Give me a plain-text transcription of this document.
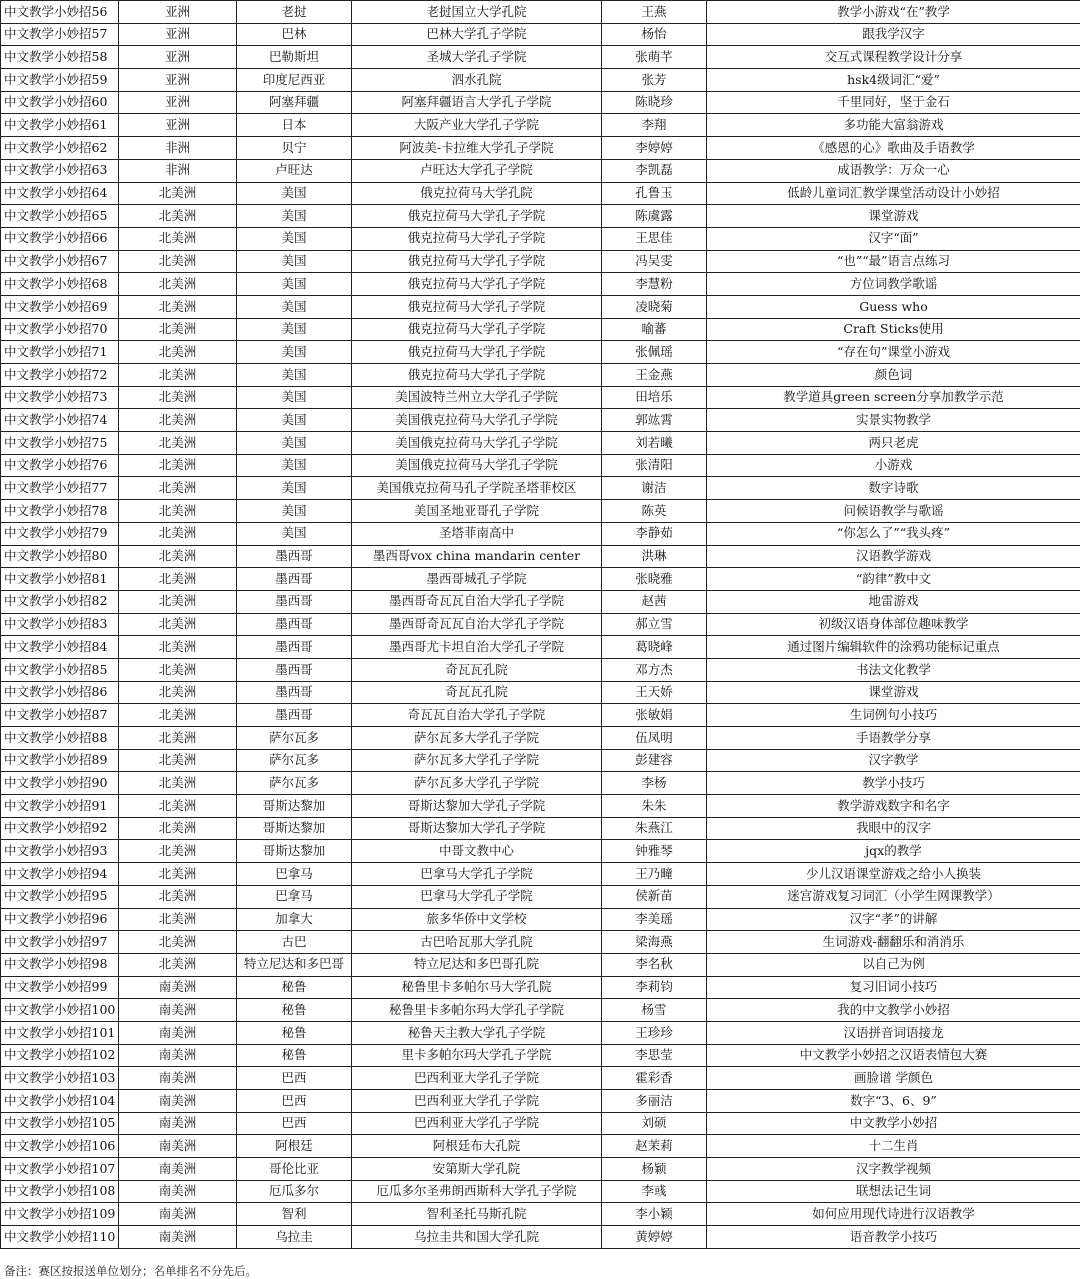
中文教学小妙招56	亚洲	老挝	老挝国立大学孔院	王燕	教学小游戏“在”教学
中文教学小妙招57	亚洲	巴林	巴林大学孔子学院	杨怡	跟我学汉字
中文教学小妙招58	亚洲	巴勒斯坦	圣城大学孔子学院	张萌芊	交互式课程教学设计分享
中文教学小妙招59	亚洲	印度尼西亚	泗水孔院	张芳	hsk4级词汇“爱”
中文教学小妙招60	亚洲	阿塞拜疆	阿塞拜疆语言大学孔子学院	陈晓珍	千里同好，坚于金石
中文教学小妙招61	亚洲	日本	大阪产业大学孔子学院	李翔	多功能大富翁游戏
中文教学小妙招62	非洲	贝宁	阿波美-卡拉维大学孔子学院	李婷婷	《感恩的心》歌曲及手语教学
中文教学小妙招63	非洲	卢旺达	卢旺达大学孔子学院	李凯磊	成语教学：万众一心
中文教学小妙招64	北美洲	美国	俄克拉荷马大学孔院	孔鲁玉	低龄儿童词汇教学课堂活动设计小妙招
中文教学小妙招65	北美洲	美国	俄克拉荷马大学孔子学院	陈虞露	课堂游戏
中文教学小妙招66	北美洲	美国	俄克拉荷马大学孔子学院	王思佳	汉字“面”
中文教学小妙招67	北美洲	美国	俄克拉荷马大学孔子学院	冯吴雯	“也”“最”语言点练习
中文教学小妙招68	北美洲	美国	俄克拉荷马大学孔子学院	李慧粉	方位词教学歌谣
中文教学小妙招69	北美洲	美国	俄克拉荷马大学孔子学院	凌晓菊	Guess who
中文教学小妙招70	北美洲	美国	俄克拉荷马大学孔子学院	喻蕃	Craft Sticks使用
中文教学小妙招71	北美洲	美国	俄克拉荷马大学孔子学院	张佩瑶	“存在句”课堂小游戏
中文教学小妙招72	北美洲	美国	俄克拉荷马大学孔子学院	王金燕	颜色词
中文教学小妙招73	北美洲	美国	美国波特兰州立大学孔子学院	田培乐	教学道具green screen分享加教学示范
中文教学小妙招74	北美洲	美国	美国俄克拉荷马大学孔子学院	郭竑霄	实景实物教学
中文教学小妙招75	北美洲	美国	美国俄克拉荷马大学孔子学院	刘若曦	两只老虎
中文教学小妙招76	北美洲	美国	美国俄克拉荷马大学孔子学院	张清阳	小游戏
中文教学小妙招77	北美洲	美国	美国俄克拉荷马孔子学院圣塔菲校区	谢洁	数字诗歌
中文教学小妙招78	北美洲	美国	美国圣地亚哥孔子学院	陈英	问候语教学与歌谣
中文教学小妙招79	北美洲	美国	圣塔菲南高中	李静茹	“你怎么了”“我头疼”
中文教学小妙招80	北美洲	墨西哥	墨西哥vox china mandarin center	洪琳	汉语教学游戏
中文教学小妙招81	北美洲	墨西哥	墨西哥城孔子学院	张晓雅	“韵律”教中文
中文教学小妙招82	北美洲	墨西哥	墨西哥奇瓦瓦自治大学孔子学院	赵茜	地雷游戏
中文教学小妙招83	北美洲	墨西哥	墨西哥奇瓦瓦自治大学孔子学院	郝立雪	初级汉语身体部位趣味教学
中文教学小妙招84	北美洲	墨西哥	墨西哥尤卡坦自治大学孔子学院	葛晓峰	通过图片编辑软件的涂鸦功能标记重点
中文教学小妙招85	北美洲	墨西哥	奇瓦瓦孔院	邓方杰	书法文化教学
中文教学小妙招86	北美洲	墨西哥	奇瓦瓦孔院	王天娇	课堂游戏
中文教学小妙招87	北美洲	墨西哥	奇瓦瓦自治大学孔子学院	张敏娟	生词例句小技巧
中文教学小妙招88	北美洲	萨尔瓦多	萨尔瓦多大学孔子学院	伍凤明	手语教学分享
中文教学小妙招89	北美洲	萨尔瓦多	萨尔瓦多大学孔子学院	彭建容	汉字教学
中文教学小妙招90	北美洲	萨尔瓦多	萨尔瓦多大学孔子学院	李杨	教学小技巧
中文教学小妙招91	北美洲	哥斯达黎加	哥斯达黎加大学孔子学院	朱朱	教学游戏数字和名字
中文教学小妙招92	北美洲	哥斯达黎加	哥斯达黎加大学孔子学院	朱燕江	我眼中的汉字
中文教学小妙招93	北美洲	哥斯达黎加	中哥文教中心	钟雅琴	jqx的教学
中文教学小妙招94	北美洲	巴拿马	巴拿马大学孔子学院	王乃疃	少儿汉语课堂游戏之给小人换装
中文教学小妙招95	北美洲	巴拿马	巴拿马大学孔子学院	侯新苗	迷宫游戏复习词汇（小学生网课教学）
中文教学小妙招96	北美洲	加拿大	旅多华侨中文学校	李美瑶	汉字“孝”的讲解
中文教学小妙招97	北美洲	古巴	古巴哈瓦那大学孔院	梁海燕	生词游戏-翻翻乐和消消乐
中文教学小妙招98	北美洲	特立尼达和多巴哥	特立尼达和多巴哥孔院	李名秋	以自己为例
中文教学小妙招99	南美洲	秘鲁	秘鲁里卡多帕尔马大学孔院	李莉钧	复习旧词小技巧
中文教学小妙招100	南美洲	秘鲁	秘鲁里卡多帕尔玛大学孔子学院	杨雪	我的中文教学小妙招
中文教学小妙招101	南美洲	秘鲁	秘鲁天主教大学孔子学院	王珍珍	汉语拼音词语接龙
中文教学小妙招102	南美洲	秘鲁	里卡多帕尔玛大学孔子学院	李思莹	中文教学小妙招之汉语表情包大赛
中文教学小妙招103	南美洲	巴西	巴西利亚大学孔子学院	霍彩香	画脸谱 学颜色
中文教学小妙招104	南美洲	巴西	巴西利亚大学孔子学院	多丽洁	数字“3、6、9”
中文教学小妙招105	南美洲	巴西	巴西利亚大学孔子学院	刘硕	中文教学小妙招
中文教学小妙招106	南美洲	阿根廷	阿根廷布大孔院	赵茉莉	十二生肖
中文教学小妙招107	南美洲	哥伦比亚	安第斯大学孔院	杨颖	汉字教学视频
中文教学小妙招108	南美洲	厄瓜多尔	厄瓜多尔圣弗朗西斯科大学孔子学院	李彧	联想法记生词
中文教学小妙招109	南美洲	智利	智利圣托马斯孔院	李小颖	如何应用现代诗进行汉语教学
中文教学小妙招110	南美洲	乌拉圭	乌拉圭共和国大学孔院	黄婷婷	语音教学小技巧
备注：赛区按报送单位划分；名单排名不分先后。
